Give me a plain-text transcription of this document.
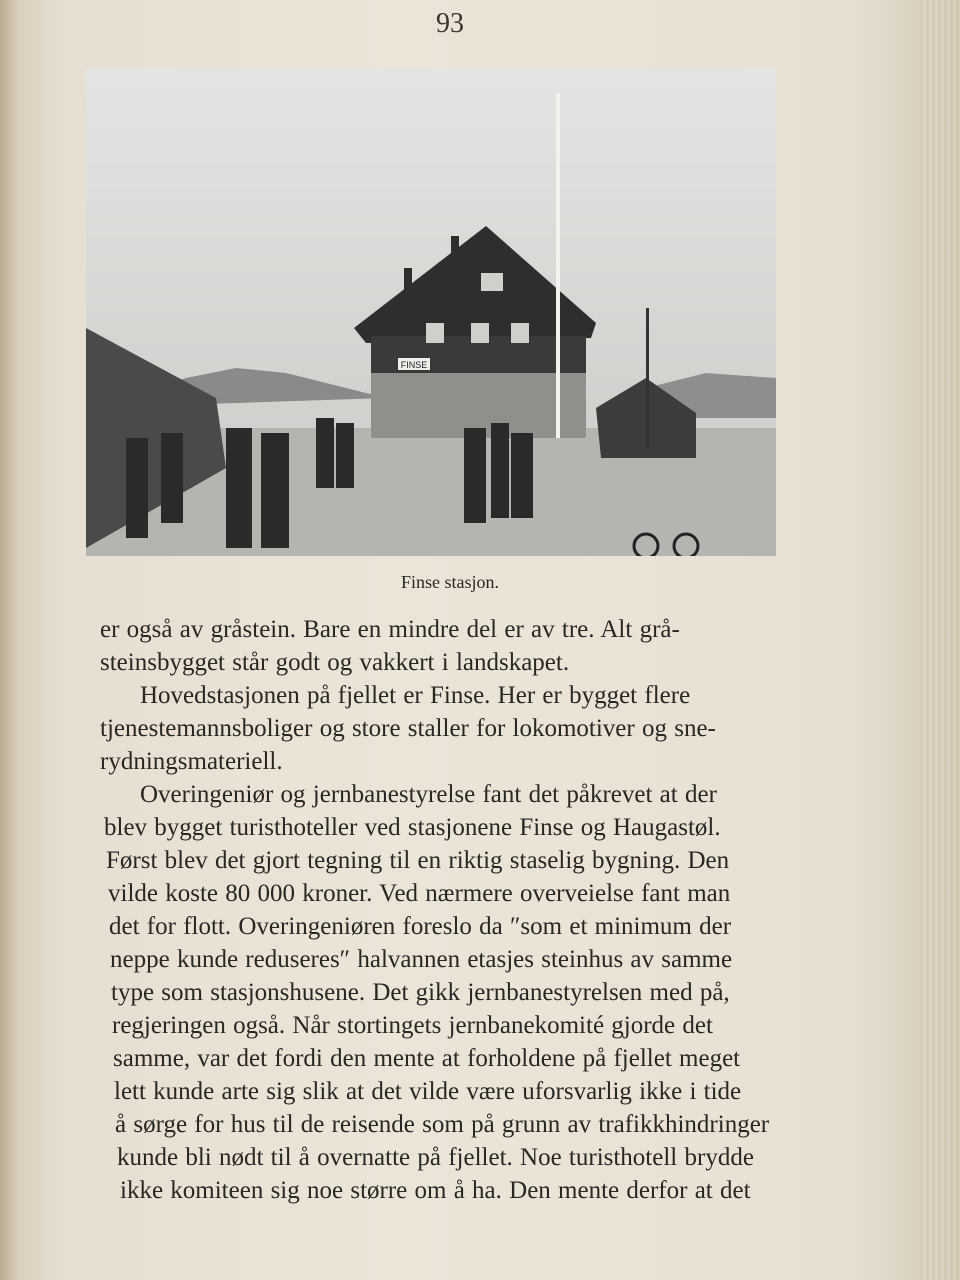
93
FINSE
Finse stasjon.
er også av gråstein. Bare en mindre del er av tre. Alt grå-
steinsbygget står godt og vakkert i landskapet.
Hovedstasjonen på fjellet er Finse. Her er bygget flere
tjenestemannsboliger og store staller for lokomotiver og sne-
rydningsmateriell.
Overingeniør og jernbanestyrelse fant det påkrevet at der
blev bygget turisthoteller ved stasjonene Finse og Haugastøl.
Først blev det gjort tegning til en riktig staselig bygning. Den
vilde koste 80 000 kroner. Ved nærmere overveielse fant man
det for flott. Overingeniøren foreslo da ″som et minimum der
neppe kunde reduseres″ halvannen etasjes steinhus av samme
type som stasjonshusene. Det gikk jernbanestyrelsen med på,
regjeringen også. Når stortingets jernbanekomité gjorde det
samme, var det fordi den mente at forholdene på fjellet meget
lett kunde arte sig slik at det vilde være uforsvarlig ikke i tide
å sørge for hus til de reisende som på grunn av trafikkhindringer
kunde bli nødt til å overnatte på fjellet. Noe turisthotell brydde
ikke komiteen sig noe større om å ha. Den mente derfor at det
